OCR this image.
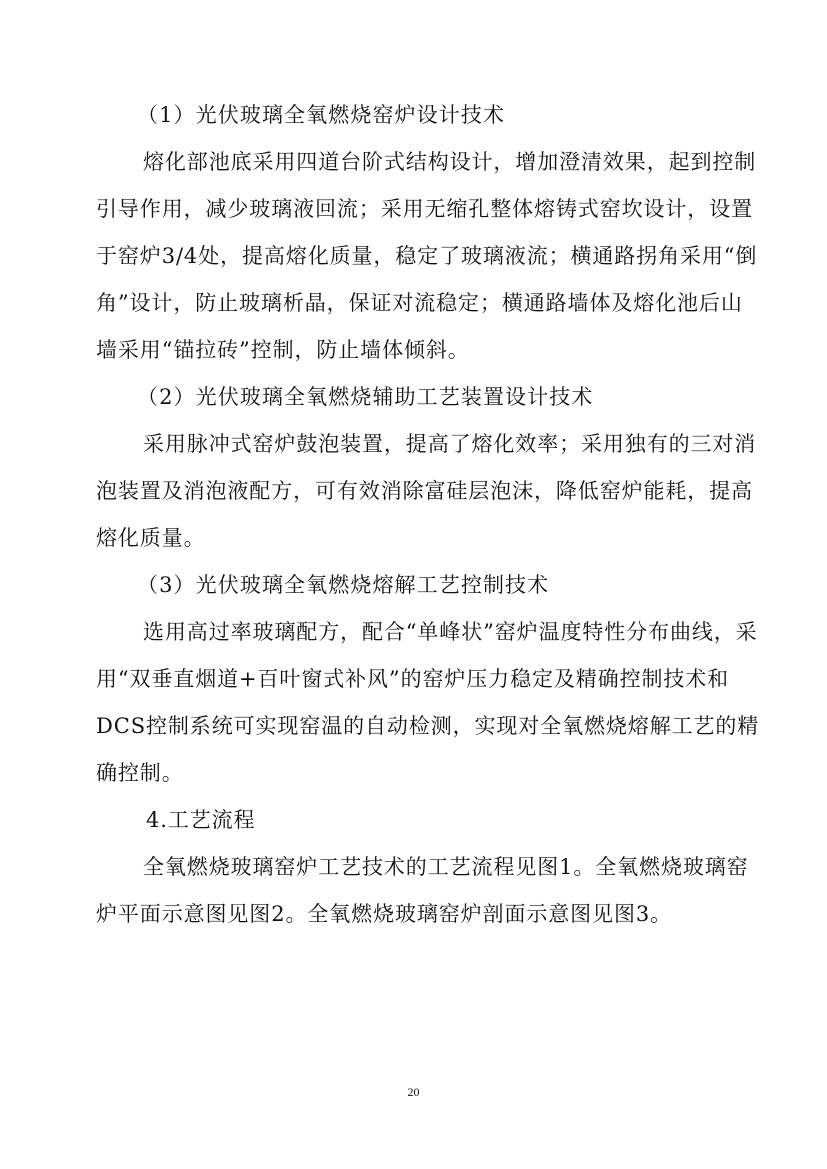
（1）光伏玻璃全氧燃烧窑炉设计技术
熔化部池底采用四道台阶式结构设计，增加澄清效果，起到控制
引导作用，减少玻璃液回流；采用无缩孔整体熔铸式窑坎设计，设置
于窑炉3/4处，提高熔化质量，稳定了玻璃液流；横通路拐角采用“倒
角”设计，防止玻璃析晶，保证对流稳定；横通路墙体及熔化池后山
墙采用“锚拉砖”控制，防止墙体倾斜。
（2）光伏玻璃全氧燃烧辅助工艺装置设计技术
采用脉冲式窑炉鼓泡装置，提高了熔化效率；采用独有的三对消
泡装置及消泡液配方，可有效消除富硅层泡沫，降低窑炉能耗，提高
熔化质量。
（3）光伏玻璃全氧燃烧熔解工艺控制技术
选用高过率玻璃配方，配合“单峰状”窑炉温度特性分布曲线，采
用“双垂直烟道+百叶窗式补风”的窑炉压力稳定及精确控制技术和
DCS控制系统可实现窑温的自动检测，实现对全氧燃烧熔解工艺的精
确控制。
4.工艺流程
全氧燃烧玻璃窑炉工艺技术的工艺流程见图1。全氧燃烧玻璃窑
炉平面示意图见图2。全氧燃烧玻璃窑炉剖面示意图见图3。
20
